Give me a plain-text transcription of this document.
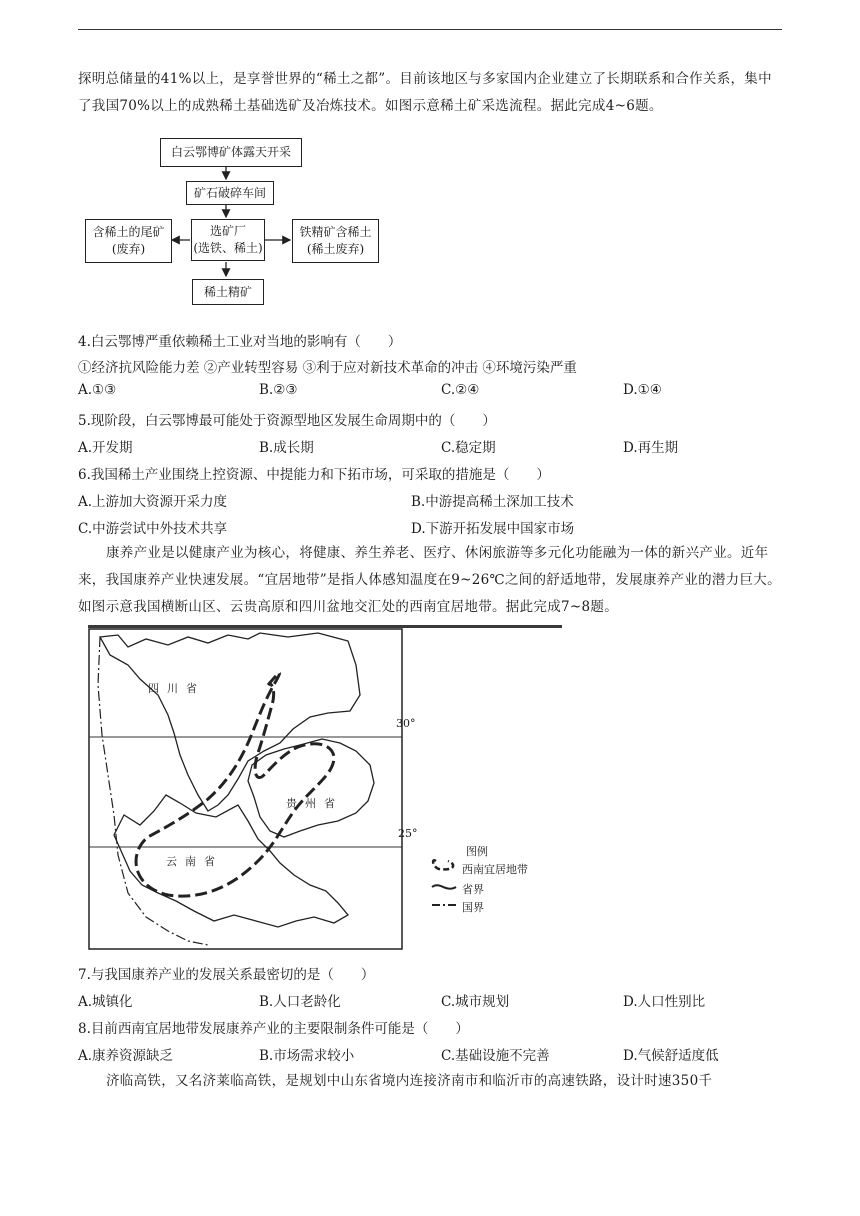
探明总储量的41%以上，是享誉世界的“稀土之都”。目前该地区与多家国内企业建立了长期联系和合作关系，集中了我国70%以上的成熟稀土基础选矿及冶炼技术。如图示意稀土矿采选流程。据此完成4~6题。
白云鄂博矿体露天开采
矿石破碎车间
选矿厂
(选铁、稀土)
含稀土的尾矿
(废弃)
铁精矿含稀土
(稀土废弃)
稀土精矿
4.白云鄂博严重依赖稀土工业对当地的影响有（　　）
①经济抗风险能力差 ②产业转型容易 ③利于应对新技术革命的冲击 ④环境污染严重
A.①③	B.②③	C.②④	D.①④
5.现阶段，白云鄂博最可能处于资源型地区发展生命周期中的（　　）
A.开发期	B.成长期	C.稳定期	D.再生期
6.我国稀土产业围绕上控资源、中提能力和下拓市场，可采取的措施是（　　）
A.上游加大资源开采力度	B.中游提高稀土深加工技术
C.中游尝试中外技术共享	D.下游开拓发展中国家市场
康养产业是以健康产业为核心，将健康、养生养老、医疗、休闲旅游等多元化功能融为一体的新兴产业。近年来，我国康养产业快速发展。“宜居地带”是指人体感知温度在9~26℃之间的舒适地带，发展康养产业的潜力巨大。如图示意我国横断山区、云贵高原和四川盆地交汇处的西南宜居地带。据此完成7~8题。
四川省
贵州省
云南省
30°
25°
图例
西南宜居地带
省界
国界
7.与我国康养产业的发展关系最密切的是（　　）
A.城镇化	B.人口老龄化	C.城市规划	D.人口性别比
8.目前西南宜居地带发展康养产业的主要限制条件可能是（　　）
A.康养资源缺乏	B.市场需求较小	C.基础设施不完善	D.气候舒适度低
济临高铁，又名济莱临高铁，是规划中山东省境内连接济南市和临沂市的高速铁路，设计时速350千
